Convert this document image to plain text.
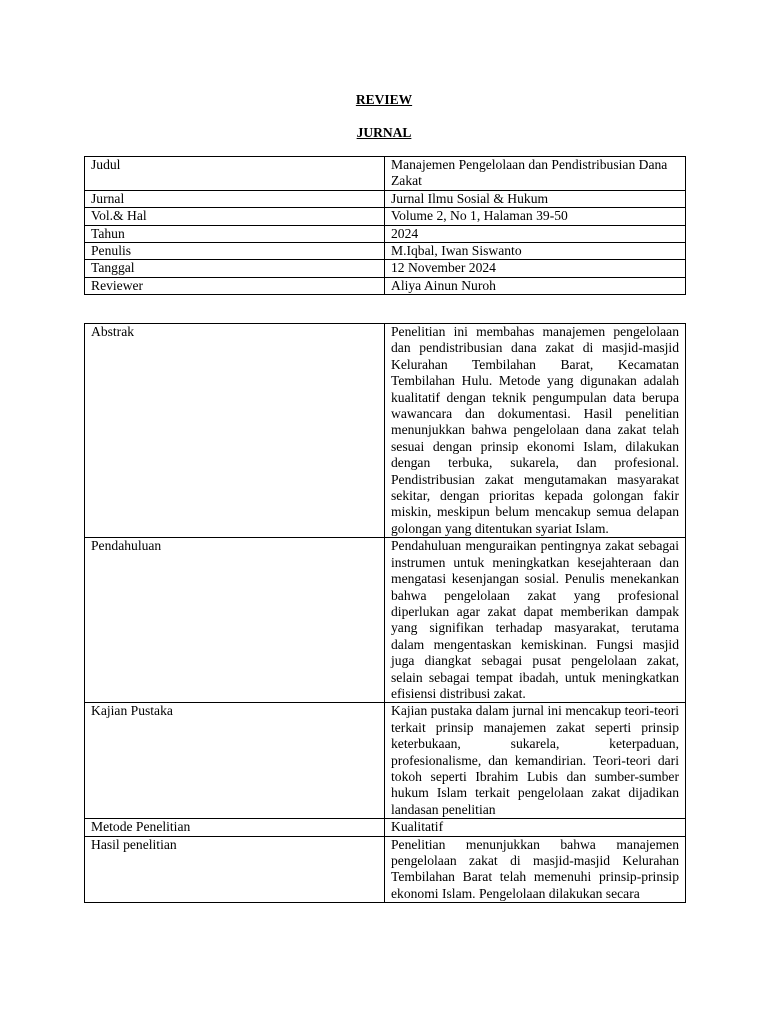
REVIEW
JURNAL
Judul	Manajemen Pengelolaan dan Pendistribusian Dana Zakat
Jurnal	Jurnal Ilmu Sosial & Hukum
Vol.& Hal	Volume 2, No 1, Halaman 39-50
Tahun	2024
Penulis	M.Iqbal, Iwan Siswanto
Tanggal	12 November 2024
Reviewer	Aliya Ainun Nuroh
Abstrak	Penelitian ini membahas manajemen pengelolaan dan pendistribusian dana zakat di masjid-masjid Kelurahan Tembilahan Barat, Kecamatan Tembilahan Hulu. Metode yang digunakan adalah kualitatif dengan teknik pengumpulan data berupa wawancara dan dokumentasi. Hasil penelitian menunjukkan bahwa pengelolaan dana zakat telah sesuai dengan prinsip ekonomi Islam, dilakukan dengan terbuka, sukarela, dan profesional. Pendistribusian zakat mengutamakan masyarakat sekitar, dengan prioritas kepada golongan fakir miskin, meskipun belum mencakup semua delapan golongan yang ditentukan syariat Islam.
Pendahuluan	Pendahuluan menguraikan pentingnya zakat sebagai instrumen untuk meningkatkan kesejahteraan dan mengatasi kesenjangan sosial. Penulis menekankan bahwa pengelolaan zakat yang profesional diperlukan agar zakat dapat memberikan dampak yang signifikan terhadap masyarakat, terutama dalam mengentaskan kemiskinan. Fungsi masjid juga diangkat sebagai pusat pengelolaan zakat, selain sebagai tempat ibadah, untuk meningkatkan efisiensi distribusi zakat.
Kajian Pustaka	Kajian pustaka dalam jurnal ini mencakup teori-teori terkait prinsip manajemen zakat seperti prinsip keterbukaan, sukarela, keterpaduan, profesionalisme, dan kemandirian. Teori-teori dari tokoh seperti Ibrahim Lubis dan sumber-sumber hukum Islam terkait pengelolaan zakat dijadikan landasan penelitian
Metode Penelitian	Kualitatif
Hasil penelitian	Penelitian menunjukkan bahwa manajemen pengelolaan zakat di masjid-masjid Kelurahan Tembilahan Barat telah memenuhi prinsip-prinsip ekonomi Islam. Pengelolaan dilakukan secara
